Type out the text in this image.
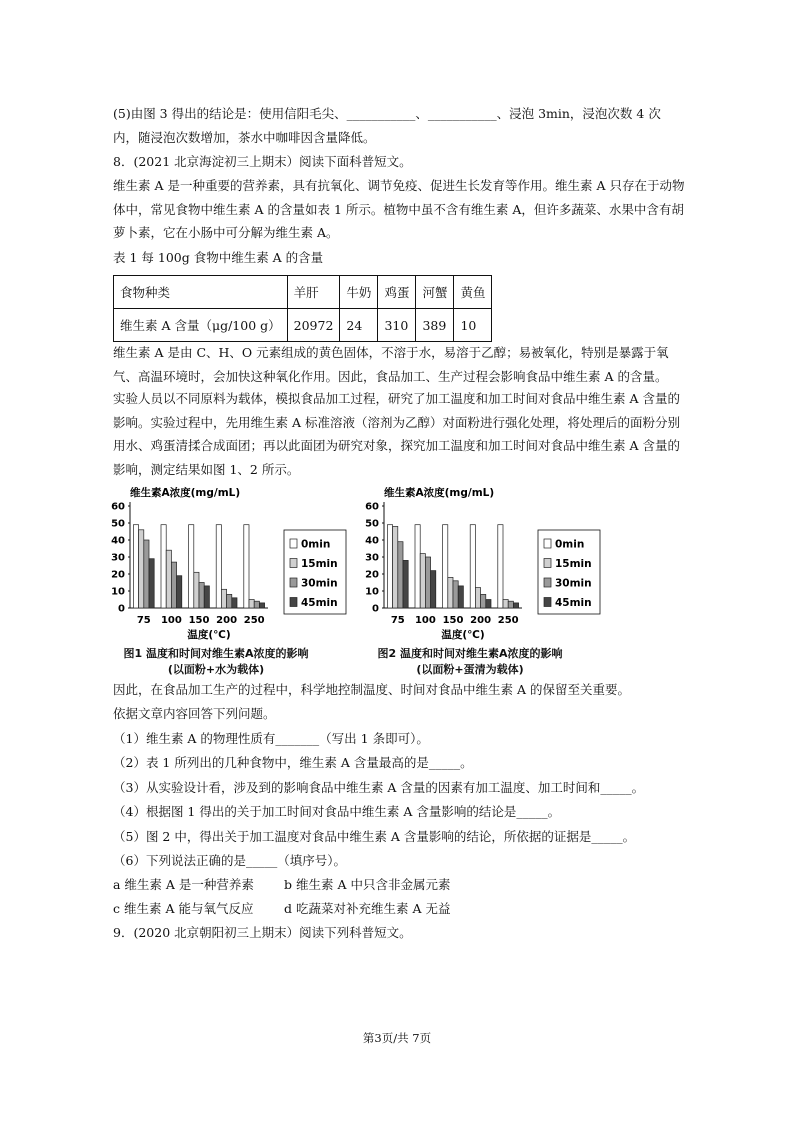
(5)由图 3 得出的结论是：使用信阳毛尖、___________、___________、浸泡 3min，浸泡次数 4 次内，随浸泡次数增加，茶水中咖啡因含量降低。

8．(2021 北京海淀初三上期末）阅读下面科普短文。

维生素 A 是一种重要的营养素，具有抗氧化、调节免疫、促进生长发育等作用。维生素 A 只存在于动物体中，常见食物中维生素 A 的含量如表 1 所示。植物中虽不含有维生素 A，但许多蔬菜、水果中含有胡萝卜素，它在小肠中可分解为维生素 A。

表 1 每 100g 食物中维生素 A 的含量

食物种类	羊肝	牛奶	鸡蛋	河蟹	黄鱼
维生素 A 含量（μg/100 g）	20972	24	310	389	10

维生素 A 是由 C、H、O 元素组成的黄色固体，不溶于水，易溶于乙醇；易被氧化，特别是暴露于氧气、高温环境时，会加快这种氧化作用。因此，食品加工、生产过程会影响食品中维生素 A 的含量。

实验人员以不同原料为载体，模拟食品加工过程，研究了加工温度和加工时间对食品中维生素 A 含量的影响。实验过程中，先用维生素 A 标准溶液（溶剂为乙醇）对面粉进行强化处理，将处理后的面粉分别用水、鸡蛋清揉合成面团；再以此面团为研究对象，探究加工温度和加工时间对食品中维生素 A 含量的影响，测定结果如图 1、2 所示。

维生素A浓度(mg/mL)
0
10
20
30
40
50
60
75 100 150 200 250
温度(℃)
0min
15min
30min
45min
维生素A浓度(mg/mL)
0
10
20
30
40
50
60
75 100 150 200 250
温度(℃)
0min
15min
30min
45min
图1 温度和时间对维生素A浓度的影响
(以面粉+水为载体)
图2 温度和时间对维生素A浓度的影响
(以面粉+蛋清为载体)

因此，在食品加工生产的过程中，科学地控制温度、时间对食品中维生素 A 的保留至关重要。

依据文章内容回答下列问题。

（1）维生素 A 的物理性质有_______（写出 1 条即可）。

（2）表 1 所列出的几种食物中，维生素 A 含量最高的是_____。

（3）从实验设计看，涉及到的影响食品中维生素 A 含量的因素有加工温度、加工时间和_____。

（4）根据图 1 得出的关于加工时间对食品中维生素 A 含量影响的结论是_____。

（5）图 2 中，得出关于加工温度对食品中维生素 A 含量影响的结论，所依据的证据是_____。

（6）下列说法正确的是_____（填序号）。

a 维生素 A 是一种营养素	b 维生素 A 中只含非金属元素

c 维生素 A 能与氧气反应	d 吃蔬菜对补充维生素 A 无益

9．(2020 北京朝阳初三上期末）阅读下列科普短文。

第3页/共 7页
